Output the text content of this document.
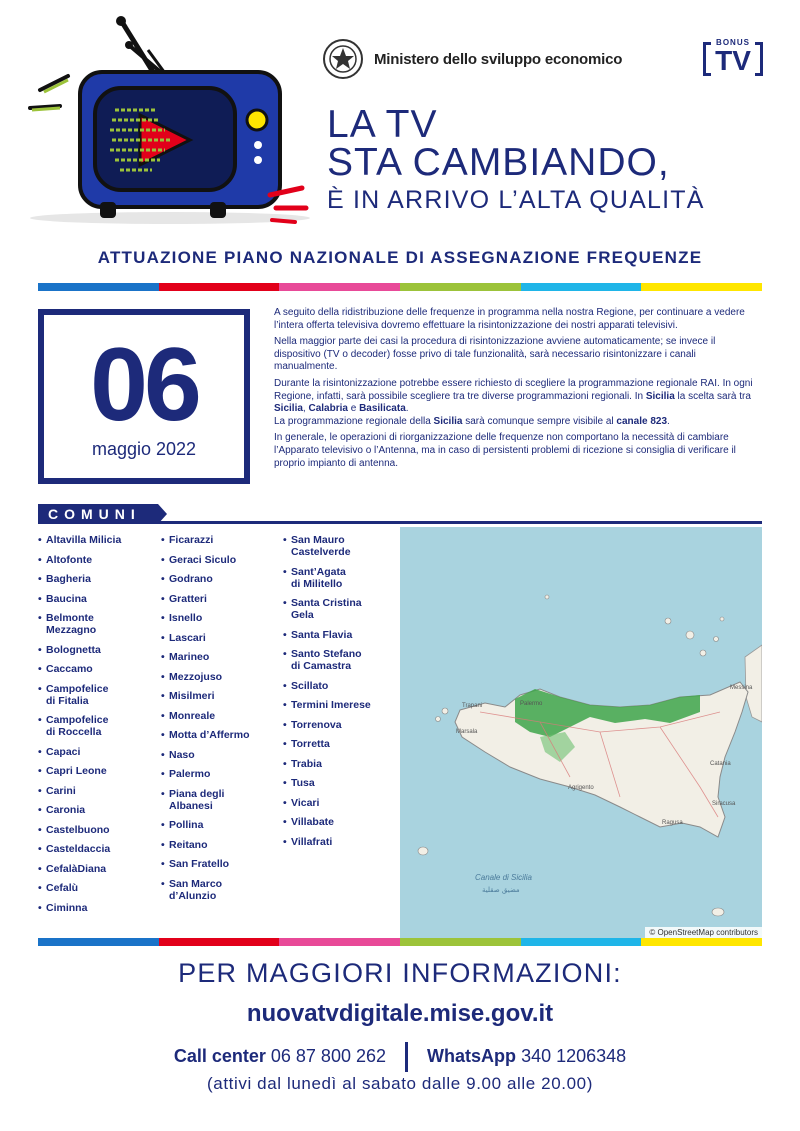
Ministero dello sviluppo economico
BONUS
TV
LA TV
STA CAMBIANDO,
È IN ARRIVO L’ALTA QUALITÀ
ATTUAZIONE PIANO NAZIONALE DI ASSEGNAZIONE FREQUENZE
06
maggio 2022

A seguito della ridistribuzione delle frequenze in programma nella nostra Regione, per continuare a vedere l’intera offerta televisiva dovremo effettuare la risintonizzazione dei nostri apparati televisivi.

Nella maggior parte dei casi la procedura di risintonizzazione avviene automaticamente; se invece il dispositivo (TV o decoder) fosse privo di tale funzionalità, sarà necessario risintonizzare i canali manualmente.

Durante la risintonizzazione potrebbe essere richiesto di scegliere la programmazione regionale RAI. In ogni Regione, infatti, sarà possibile scegliere tra tre diverse programmazioni regionali. In Sicilia la scelta sarà tra Sicilia, Calabria e Basilicata.
La programmazione regionale della Sicilia sarà comunque sempre visibile al canale 823.

In generale, le operazioni di riorganizzazione delle frequenze non comportano la necessità di cambiare l’Apparato televisivo o l’Antenna, ma in caso di persistenti problemi di ricezione si consiglia di verificare il proprio impianto di antenna.

COMUNI
• Altavilla Milicia
• Altofonte
• Bagheria
• Baucina
• Belmonte
Mezzagno
• Bolognetta
• Caccamo
• Campofelice
di Fitalia
• Campofelice
di Roccella
• Capaci
• Capri Leone
• Carini
• Caronia
• Castelbuono
• Casteldaccia
• CefalàDiana
• Cefalù
• Ciminna
• Ficarazzi
• Geraci Siculo
• Godrano
• Gratteri
• Isnello
• Lascari
• Marineo
• Mezzojuso
• Misilmeri
• Monreale
• Motta d’Affermo
• Naso
• Palermo
• Piana degli
Albanesi
• Pollina
• Reitano
• San Fratello
• San Marco
d’Alunzio
• San Mauro
Castelverde
• Sant’Agata
di Militello
• Santa Cristina
Gela
• Santa Flavia
• Santo Stefano
di Camastra
• Scillato
• Termini Imerese
• Torrenova
• Torretta
• Trabia
• Tusa
• Vicari
• Villabate
• Villafrati
Palermo
Messina
Catania
Agrigento
Ragusa
Siracusa
Trapani
Marsala
Canale di Sicilia
مضيق صقلية
© OpenStreetMap contributors
PER MAGGIORI INFORMAZIONI:
nuovatvdigitale.mise.gov.it
Call center 06 87 800 262 WhatsApp 340 1206348
(attivi dal lunedì al sabato dalle 9.00 alle 20.00)
